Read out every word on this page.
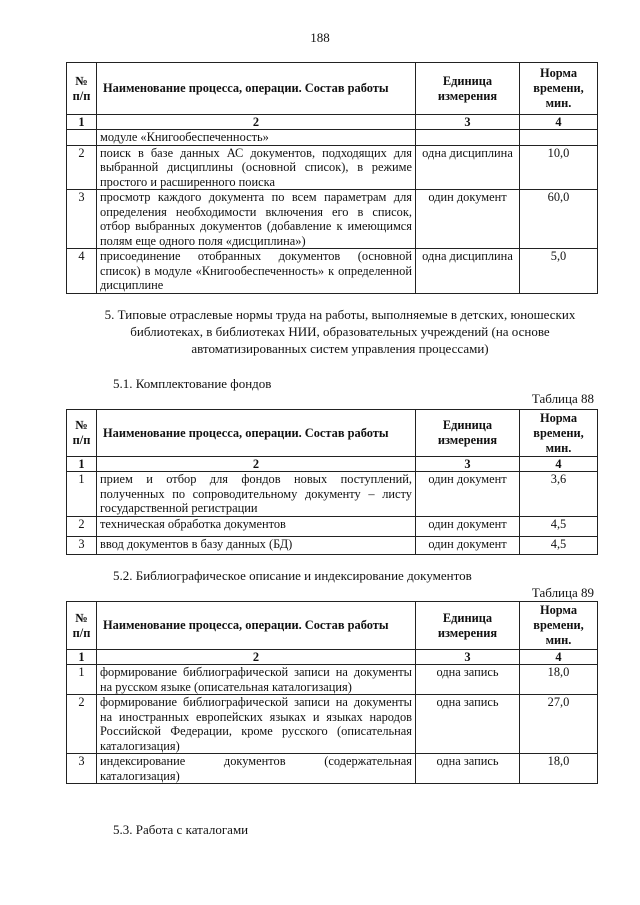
188
№ п/п	Наименование процесса, операции. Состав работы	Единица измерения	Норма времени, мин.
1	2	3	4
	модуле «Книгообеспеченность»		
2	поиск в базе данных АС документов, подходящих для выбранной дисциплины (основной список), в режиме простого и расширенного поиска	одна дисциплина	10,0
3	просмотр каждого документа по всем параметрам для определения необходимости включения его в список, отбор выбранных документов (добавление к имеющимся полям еще одного поля «дисциплина»)	один документ	60,0
4	присоединение отобранных документов (основной список) в модуле «Книгообеспеченность» к определенной дисциплине	одна дисциплина	5,0
5. Типовые отраслевые нормы труда на работы, выполняемые в детских, юношеских библиотеках, в библиотеках НИИ, образовательных учреждений (на основе автоматизированных систем управления процессами)
5.1. Комплектование фондов
Таблица 88
№ п/п	Наименование процесса, операции. Состав работы	Единица измерения	Норма времени, мин.
1	2	3	4
1	прием и отбор для фондов новых поступлений, полученных по сопроводительному документу – листу государственной регистрации	один документ	3,6
2	техническая обработка документов	один документ	4,5
3	ввод документов в базу данных (БД)	один документ	4,5
5.2. Библиографическое описание и индексирование документов
Таблица 89
№ п/п	Наименование процесса, операции. Состав работы	Единица измерения	Норма времени, мин.
1	2	3	4
1	формирование библиографической записи на документы на русском языке (описательная каталогизация)	одна запись	18,0
2	формирование библиографической записи на документы на иностранных европейских языках и языках народов Российской Федерации, кроме русского (описательная каталогизация)	одна запись	27,0
3	индексирование документов (содержательная каталогизация)	одна запись	18,0
5.3. Работа с каталогами
